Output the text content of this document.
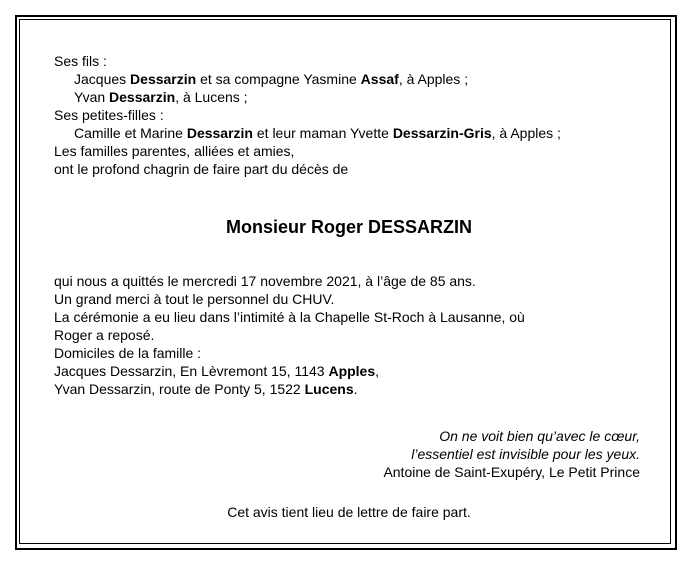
Ses fils :
Jacques Dessarzin et sa compagne Yasmine Assaf, à Apples ;
Yvan Dessarzin, à Lucens ;
Ses petites-filles :
Camille et Marine Dessarzin et leur maman Yvette Dessarzin-Gris, à Apples ;
Les familles parentes, alliées et amies,
ont le profond chagrin de faire part du décès de
Monsieur Roger DESSARZIN
qui nous a quittés le mercredi 17 novembre 2021, à l’âge de 85 ans.
Un grand merci à tout le personnel du CHUV.
La cérémonie a eu lieu dans l’intimité à la Chapelle St-Roch à Lausanne, où
Roger a reposé.
Domiciles de la famille :
Jacques Dessarzin, En Lèvremont 15, 1143 Apples,
Yvan Dessarzin, route de Ponty 5, 1522 Lucens.
On ne voit bien qu’avec le cœur,
l’essentiel est invisible pour les yeux.
Antoine de Saint-Exupéry, Le Petit Prince
Cet avis tient lieu de lettre de faire part.
